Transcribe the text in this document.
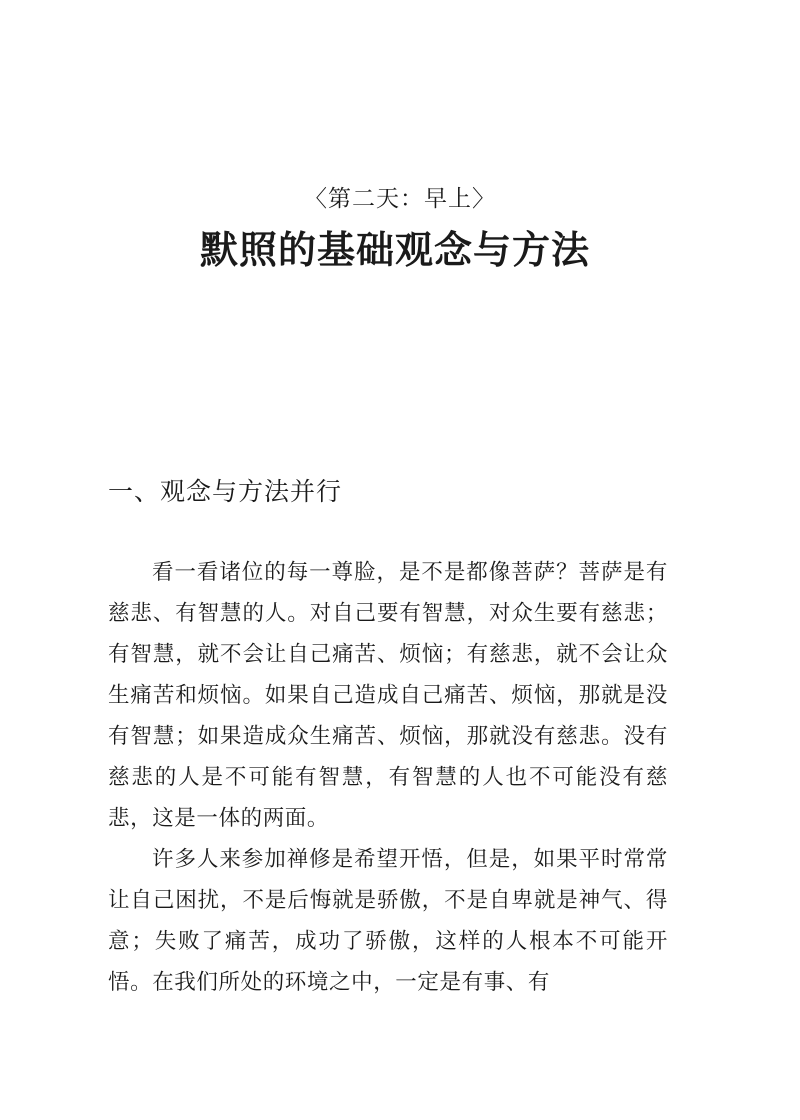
〈第二天：早上〉
默照的基础观念与方法
一、观念与方法并行

看一看诸位的每一尊脸，是不是都像菩萨？菩萨是有慈悲、有智慧的人。对自己要有智慧，对众生要有慈悲；有智慧，就不会让自己痛苦、烦恼；有慈悲，就不会让众生痛苦和烦恼。如果自己造成自己痛苦、烦恼，那就是没有智慧；如果造成众生痛苦、烦恼，那就没有慈悲。没有慈悲的人是不可能有智慧，有智慧的人也不可能没有慈悲，这是一体的两面。

许多人来参加禅修是希望开悟，但是，如果平时常常让自己困扰，不是后悔就是骄傲，不是自卑就是神气、得意；失败了痛苦，成功了骄傲，这样的人根本不可能开悟。在我们所处的环境之中，一定是有事、有
